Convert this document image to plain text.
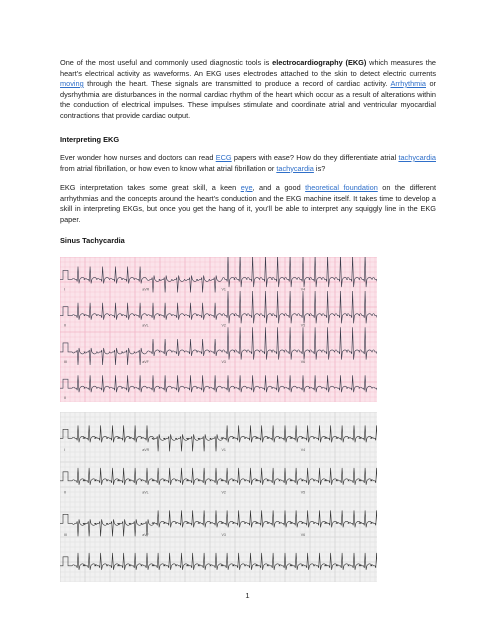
One of the most useful and commonly used diagnostic tools is electrocardiography (EKG) which measures the heart’s electrical activity as waveforms. An EKG uses electrodes attached to the skin to detect electric currents moving through the heart. These signals are transmitted to produce a record of cardiac activity. Arrhythmia or dysrhythmia are disturbances in the normal cardiac rhythm of the heart which occur as a result of alterations within the conduction of electrical impulses. These impulses stimulate and coordinate atrial and ventricular myocardial contractions that provide cardiac output.

Interpreting EKG

Ever wonder how nurses and doctors can read ECG papers with ease? How do they differentiate atrial tachycardia from atrial fibrillation, or how even to know what atrial fibrillation or tachycardia is?

EKG interpretation takes some great skill, a keen eye, and a good theoretical foundation on the different arrhythmias and the concepts around the heart’s conduction and the EKG machine itself. It takes time to develop a skill in interpreting EKGs, but once you get the hang of it, you’ll be able to interpret any squiggly line in the EKG paper.

Sinus Tachycardia

I
II
III
II
aVR	V1	V4
aVL	V2	V5
aVF	V3	V6
I
II
III
aVR	V1	V4
aVL	V2	V5
aVF	V3	V6
1
